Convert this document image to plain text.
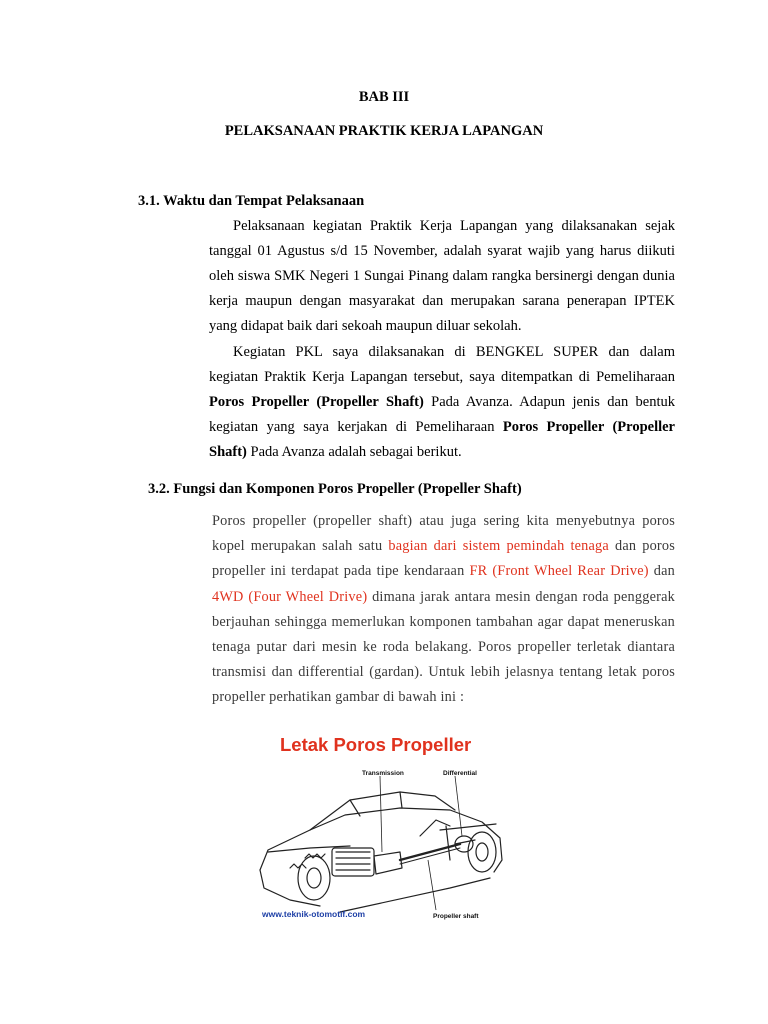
BAB III
PELAKSANAAN PRAKTIK KERJA LAPANGAN
3.1. Waktu dan Tempat Pelaksanaan
Pelaksanaan kegiatan Praktik Kerja Lapangan yang dilaksanakan sejak tanggal 01 Agustus s/d 15 November, adalah syarat wajib yang harus diikuti oleh siswa SMK Negeri 1 Sungai Pinang dalam rangka bersinergi dengan dunia kerja maupun dengan masyarakat dan merupakan sarana penerapan IPTEK yang didapat baik dari sekoah maupun diluar sekolah.
Kegiatan PKL saya dilaksanakan di BENGKEL SUPER dan dalam kegiatan Praktik Kerja Lapangan tersebut, saya ditempatkan di Pemeliharaan Poros Propeller (Propeller Shaft) Pada Avanza. Adapun jenis dan bentuk kegiatan yang saya kerjakan di Pemeliharaan Poros Propeller (Propeller Shaft) Pada Avanza adalah sebagai berikut.
3.2. Fungsi dan Komponen Poros Propeller (Propeller Shaft)
Poros propeller (propeller shaft) atau juga sering kita menyebutnya poros kopel merupakan salah satu bagian dari sistem pemindah tenaga dan poros propeller ini terdapat pada tipe kendaraan FR (Front Wheel Rear Drive) dan 4WD (Four Wheel Drive) dimana jarak antara mesin dengan roda penggerak berjauhan sehingga memerlukan komponen tambahan agar dapat meneruskan tenaga putar dari mesin ke roda belakang. Poros propeller terletak diantara transmisi dan differential (gardan). Untuk lebih jelasnya tentang letak poros propeller perhatikan gambar di bawah ini :
Letak Poros Propeller
Transmission	Differential
Propeller shaft
www.teknik-otomotif.com
